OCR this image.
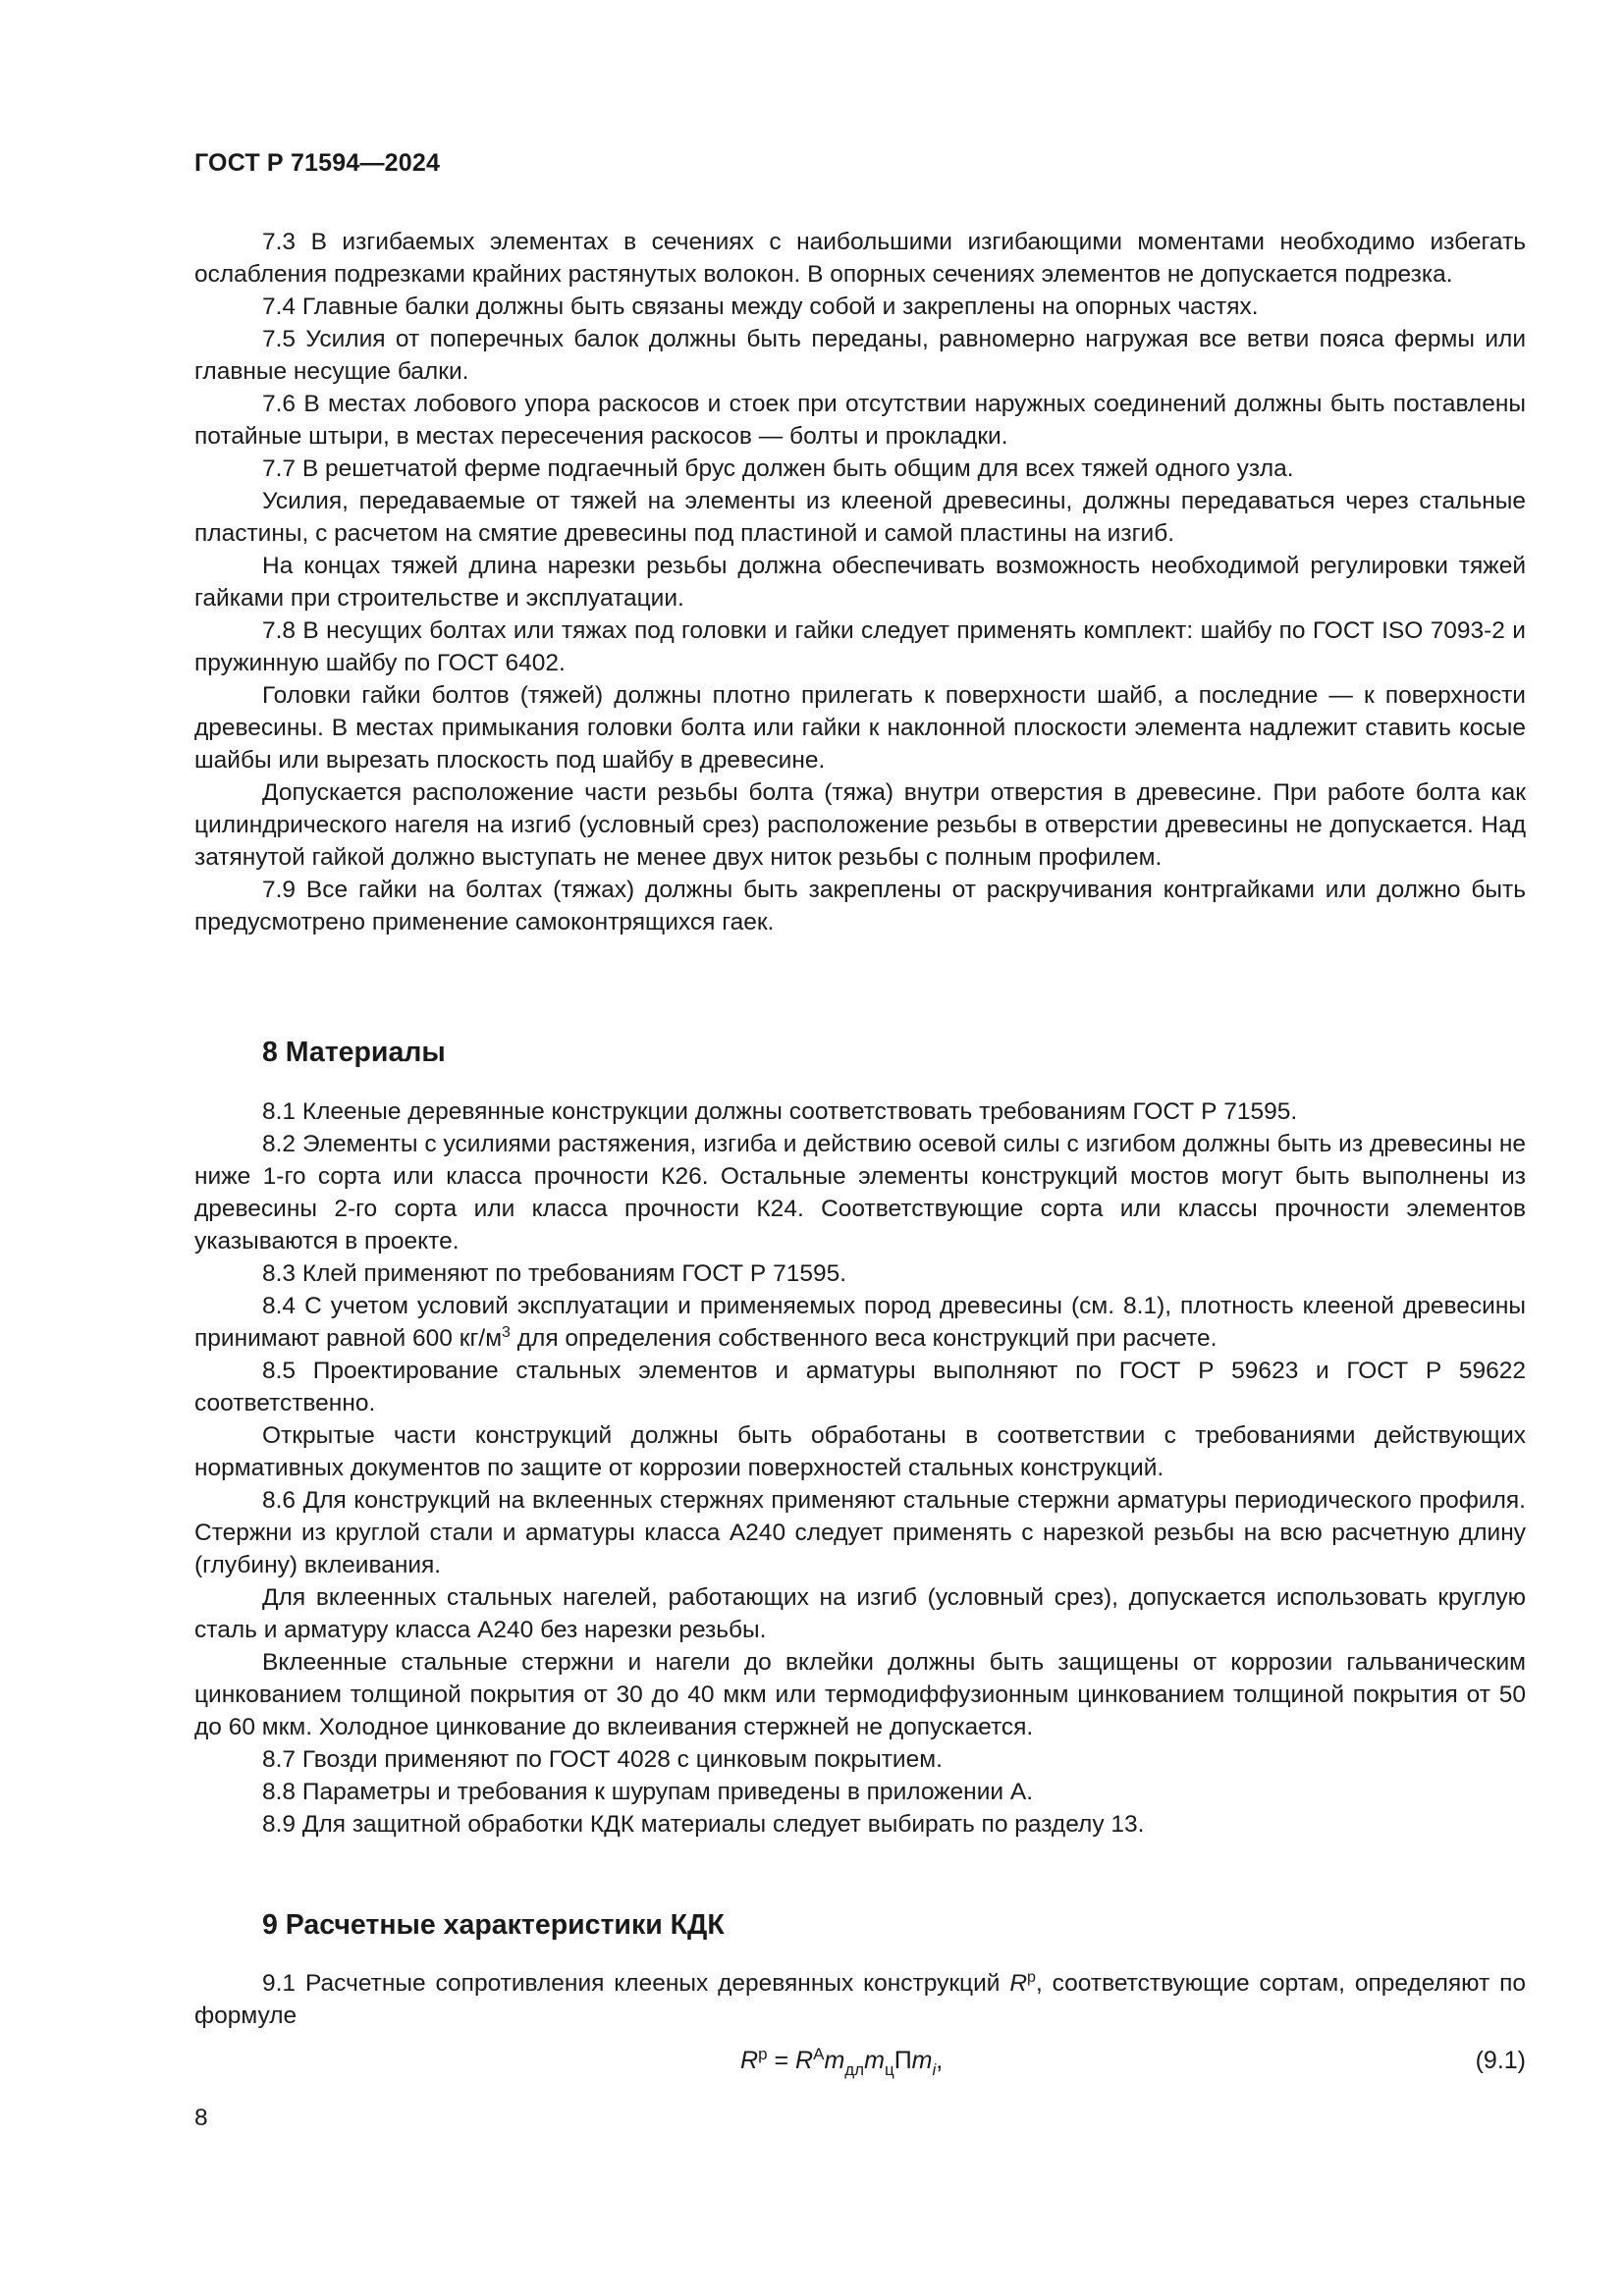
ГОСТ Р 71594—2024

7.3 В изгибаемых элементах в сечениях с наибольшими изгибающими моментами необходимо избегать ослабления подрезками крайних растянутых волокон. В опорных сечениях элементов не допускается подрезка.

7.4 Главные балки должны быть связаны между собой и закреплены на опорных частях.

7.5 Усилия от поперечных балок должны быть переданы, равномерно нагружая все ветви пояса фермы или главные несущие балки.

7.6 В местах лобового упора раскосов и стоек при отсутствии наружных соединений должны быть поставлены потайные штыри, в местах пересечения раскосов — болты и прокладки.

7.7 В решетчатой ферме подгаечный брус должен быть общим для всех тяжей одного узла.

Усилия, передаваемые от тяжей на элементы из клееной древесины, должны передаваться через стальные пластины, с расчетом на смятие древесины под пластиной и самой пластины на изгиб.

На концах тяжей длина нарезки резьбы должна обеспечивать возможность необходимой регулировки тяжей гайками при строительстве и эксплуатации.

7.8 В несущих болтах или тяжах под головки и гайки следует применять комплект: шайбу по ГОСТ ISO 7093-2 и пружинную шайбу по ГОСТ 6402.

Головки гайки болтов (тяжей) должны плотно прилегать к поверхности шайб, а последние — к поверхности древесины. В местах примыкания головки болта или гайки к наклонной плоскости элемента надлежит ставить косые шайбы или вырезать плоскость под шайбу в древесине.

Допускается расположение части резьбы болта (тяжа) внутри отверстия в древесине. При работе болта как цилиндрического нагеля на изгиб (условный срез) расположение резьбы в отверстии древесины не допускается. Над затянутой гайкой должно выступать не менее двух ниток резьбы с полным профилем.

7.9 Все гайки на болтах (тяжах) должны быть закреплены от раскручивания контргайками или должно быть предусмотрено применение самоконтрящихся гаек.

8 Материалы

8.1 Клееные деревянные конструкции должны соответствовать требованиям ГОСТ Р 71595.

8.2 Элементы с усилиями растяжения, изгиба и действию осевой силы с изгибом должны быть из древесины не ниже 1-го сорта или класса прочности К26. Остальные элементы конструкций мостов могут быть выполнены из древесины 2-го сорта или класса прочности К24. Соответствующие сорта или классы прочности элементов указываются в проекте.

8.3 Клей применяют по требованиям ГОСТ Р 71595.

8.4 С учетом условий эксплуатации и применяемых пород древесины (см. 8.1), плотность клееной древесины принимают равной 600 $кг/м^3$ для определения собственного веса конструкций при расчете.

8.5 Проектирование стальных элементов и арматуры выполняют по ГОСТ Р 59623 и ГОСТ Р 59622 соответственно.

Открытые части конструкций должны быть обработаны в соответствии с требованиями действующих нормативных документов по защите от коррозии поверхностей стальных конструкций.

8.6 Для конструкций на вклеенных стержнях применяют стальные стержни арматуры периодического профиля. Стержни из круглой стали и арматуры класса А240 следует применять с нарезкой резьбы на всю расчетную длину (глубину) вклеивания.

Для вклеенных стальных нагелей, работающих на изгиб (условный срез), допускается использовать круглую сталь и арматуру класса А240 без нарезки резьбы.

Вклеенные стальные стержни и нагели до вклейки должны быть защищены от коррозии гальваническим цинкованием толщиной покрытия от 30 до 40 мкм или термодиффузионным цинкованием толщиной покрытия от 50 до 60 мкм. Холодное цинкование до вклеивания стержней не допускается.

8.7 Гвозди применяют по ГОСТ 4028 с цинковым покрытием.

8.8 Параметры и требования к шурупам приведены в приложении А.

8.9 Для защитной обработки КДК материалы следует выбирать по разделу 13.

9 Расчетные характеристики КДК

9.1 Расчетные сопротивления клееных деревянных конструкций $R^р$, соответствующие сортам, определяют по формуле

$R^р = R^Аm_{дл}m_цПm_i$,	(9.1)
8
